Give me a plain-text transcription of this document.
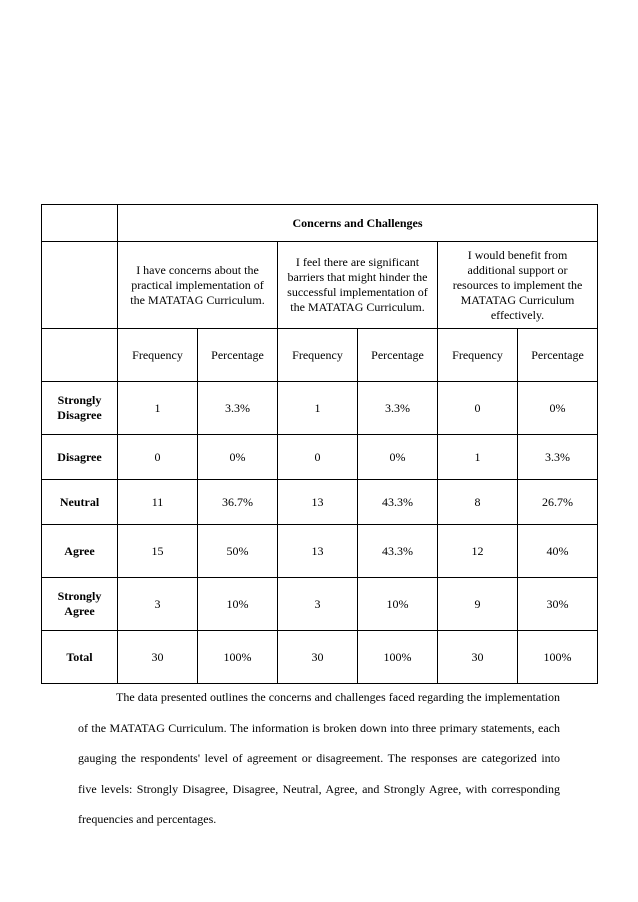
	Concerns and Challenges					
	I have concerns about the practical implementation of the MATATAG Curriculum.		I feel there are significant barriers that might hinder the successful implementation of the MATATAG Curriculum.		I would benefit from additional support or resources to implement the MATATAG Curriculum effectively.	
	Frequency	Percentage	Frequency	Percentage	Frequency	Percentage
Strongly Disagree	1	3.3%	1	3.3%	0	0%
Disagree	0	0%	0	0%	1	3.3%
Neutral	11	36.7%	13	43.3%	8	26.7%
Agree	15	50%	13	43.3%	12	40%
Strongly Agree	3	10%	3	10%	9	30%
Total	30	100%	30	100%	30	100%

The data presented outlines the concerns and challenges faced regarding the implementation of the MATATAG Curriculum. The information is broken down into three primary statements, each gauging the respondents' level of agreement or disagreement. The responses are categorized into five levels: Strongly Disagree, Disagree, Neutral, Agree, and Strongly Agree, with corresponding frequencies and percentages.
